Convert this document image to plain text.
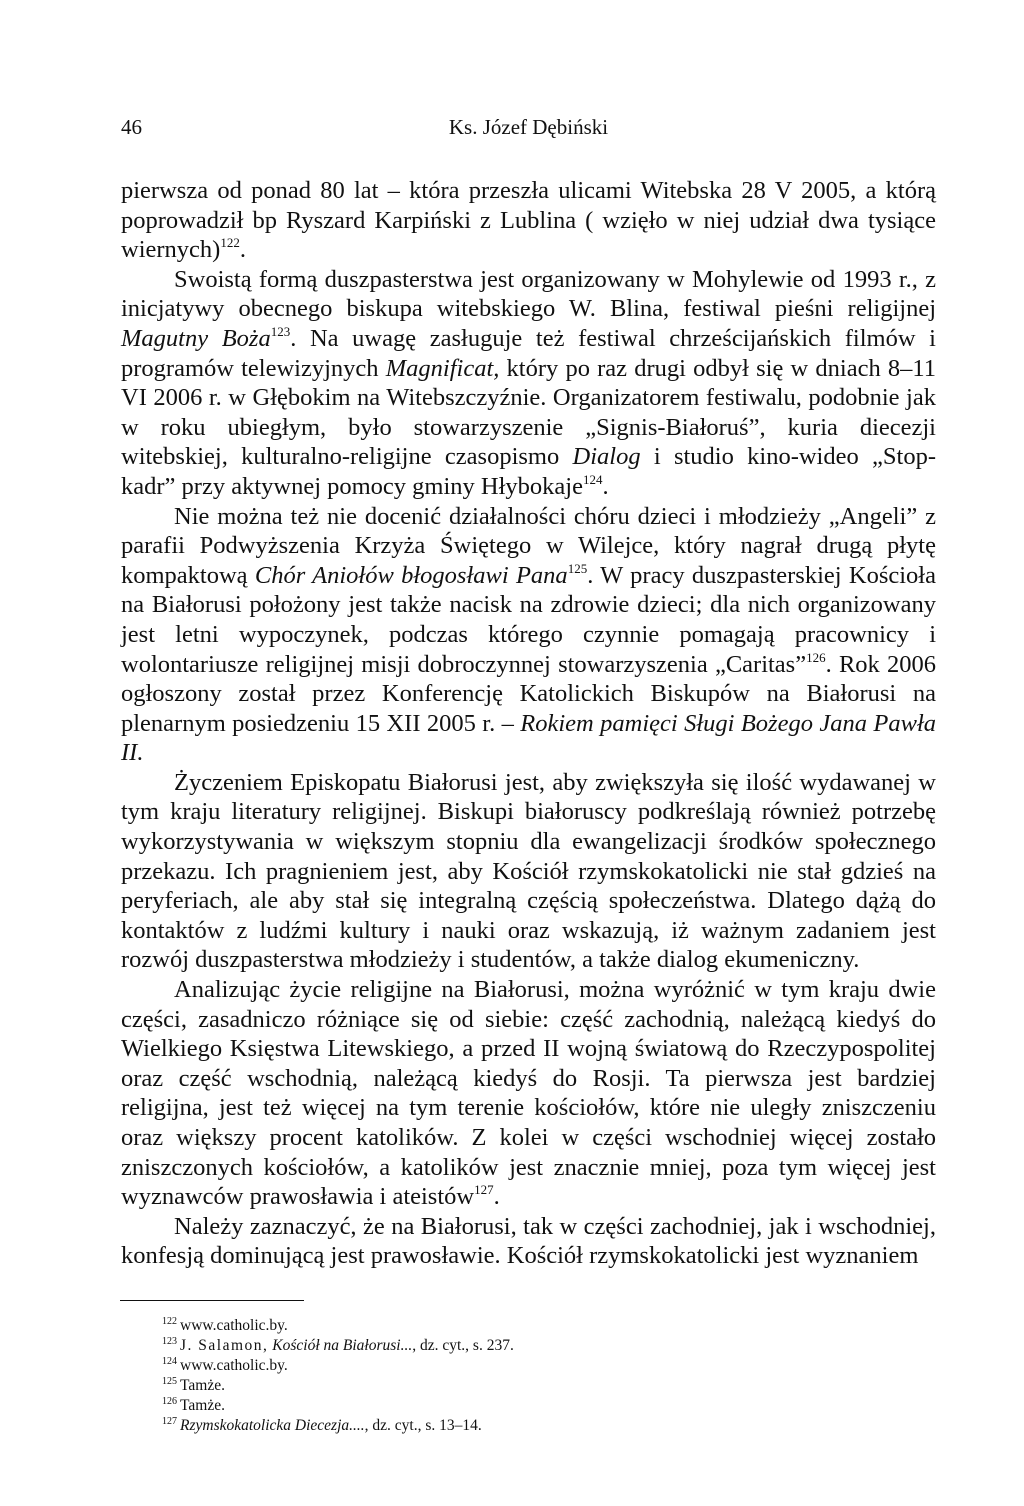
46	Ks. Józef Dębiński

pierwsza od ponad 80 lat – która przeszła ulicami Witebska 28 V 2005, a którą poprowadził bp Ryszard Karpiński z Lublina ( wzięło w niej udział dwa tysiące wiernych)$^{122}$.

Swoistą formą duszpasterstwa jest organizowany w Mohylewie od 1993 r., z inicjatywy obecnego biskupa witebskiego W. Blina, festiwal pieśni religijnej Magutny Boża$^{123}$. Na uwagę zasługuje też festiwal chrześcijańskich filmów i programów telewizyjnych Magnificat, który po raz drugi odbył się w dniach 8–11 VI 2006 r. w Głębokim na Witebszczyźnie. Organizatorem festiwalu, podobnie jak w roku ubiegłym, było stowarzyszenie „Signis-Białoruś”, kuria diecezji witebskiej, kulturalno-religijne czasopismo Dialog i studio kino-wideo „Stop-kadr” przy aktywnej pomocy gminy Hłybokaje$^{124}$.

Nie można też nie docenić działalności chóru dzieci i młodzieży „Angeli” z parafii Podwyższenia Krzyża Świętego w Wilejce, który nagrał drugą płytę kompaktową Chór Aniołów błogosławi Pana$^{125}$. W pracy duszpasterskiej Kościoła na Białorusi położony jest także nacisk na zdrowie dzieci; dla nich organizowany jest letni wypoczynek, podczas którego czynnie pomagają pracownicy i wolontariusze religijnej misji dobroczynnej stowarzyszenia „Caritas”$^{126}$. Rok 2006 ogłoszony został przez Konferencję Katolickich Biskupów na Białorusi na plenarnym posiedzeniu 15 XII 2005 r. – Rokiem pamięci Sługi Bożego Jana Pawła II.

Życzeniem Episkopatu Białorusi jest, aby zwiększyła się ilość wydawanej w tym kraju literatury religijnej. Biskupi białoruscy podkreślają również potrzebę wykorzystywania w większym stopniu dla ewangelizacji środków społecznego przekazu. Ich pragnieniem jest, aby Kościół rzymskokatolicki nie stał gdzieś na peryferiach, ale aby stał się integralną częścią społeczeństwa. Dlatego dążą do kontaktów z ludźmi kultury i nauki oraz wskazują, iż ważnym zadaniem jest rozwój duszpasterstwa młodzieży i studentów, a także dialog ekumeniczny.

Analizując życie religijne na Białorusi, można wyróżnić w tym kraju dwie części, zasadniczo różniące się od siebie: część zachodnią, należącą kiedyś do Wielkiego Księstwa Litewskiego, a przed II wojną światową do Rzeczypospolitej oraz część wschodnią, należącą kiedyś do Rosji. Ta pierwsza jest bardziej religijna, jest też więcej na tym terenie kościołów, które nie uległy zniszczeniu oraz większy procent katolików. Z kolei w części wschodniej więcej zostało zniszczonych kościołów, a katolików jest znacznie mniej, poza tym więcej jest wyznawców prawosławia i ateistów$^{127}$.

Należy zaznaczyć, że na Białorusi, tak w części zachodniej, jak i wschodniej, konfesją dominującą jest prawosławie. Kościół rzymskokatolicki jest wyznaniem

$^{122}$ www.catholic.by.
$^{123}$ J. Salamon, Kościół na Białorusi..., dz. cyt., s. 237.
$^{124}$ www.catholic.by.
$^{125}$ Tamże.
$^{126}$ Tamże.
$^{127}$ Rzymskokatolicka Diecezja...., dz. cyt., s. 13–14.
